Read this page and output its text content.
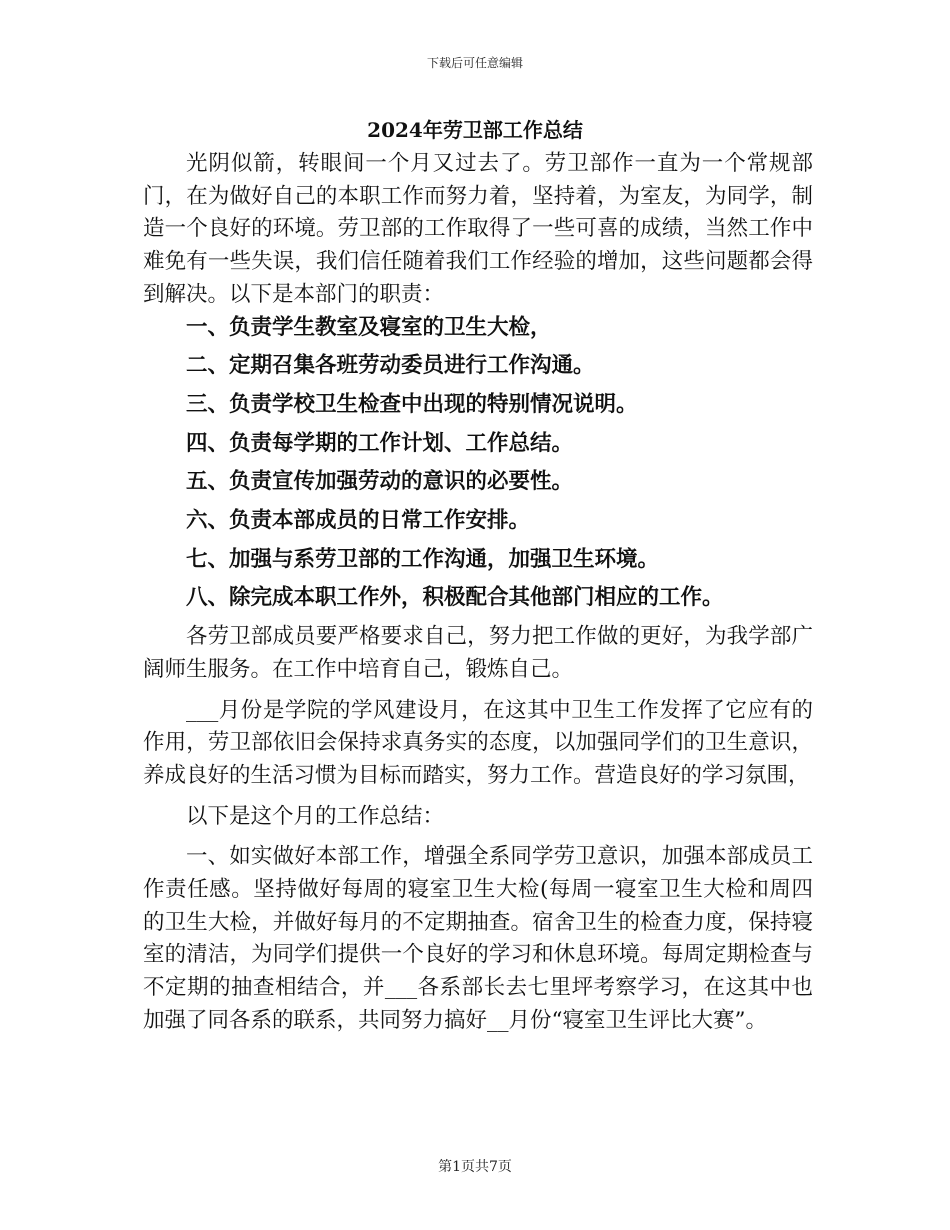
下载后可任意编辑
2024年劳卫部工作总结

光阴似箭，转眼间一个月又过去了。劳卫部作一直为一个常规部门，在为做好自己的本职工作而努力着，坚持着，为室友，为同学，制造一个良好的环境。劳卫部的工作取得了一些可喜的成绩，当然工作中难免有一些失误，我们信任随着我们工作经验的增加，这些问题都会得到解决。以下是本部门的职责：

一、负责学生教室及寝室的卫生大检，

二、定期召集各班劳动委员进行工作沟通。

三、负责学校卫生检查中出现的特别情况说明。

四、负责每学期的工作计划、工作总结。

五、负责宣传加强劳动的意识的必要性。

六、负责本部成员的日常工作安排。

七、加强与系劳卫部的工作沟通，加强卫生环境。

八、除完成本职工作外，积极配合其他部门相应的工作。

各劳卫部成员要严格要求自己，努力把工作做的更好，为我学部广阔师生服务。在工作中培育自己，锻炼自己。

___月份是学院的学风建设月，在这其中卫生工作发挥了它应有的作用，劳卫部依旧会保持求真务实的态度，以加强同学们的卫生意识，养成良好的生活习惯为目标而踏实，努力工作。营造良好的学习氛围，

以下是这个月的工作总结：

一、如实做好本部工作，增强全系同学劳卫意识，加强本部成员工作责任感。坚持做好每周的寝室卫生大检(每周一寝室卫生大检和周四的卫生大检，并做好每月的不定期抽查。宿舍卫生的检查力度，保持寝室的清洁，为同学们提供一个良好的学习和休息环境。每周定期检查与不定期的抽查相结合，并___各系部长去七里坪考察学习，在这其中也加强了同各系的联系，共同努力搞好__月份“寝室卫生评比大赛”。

第1页共7页
